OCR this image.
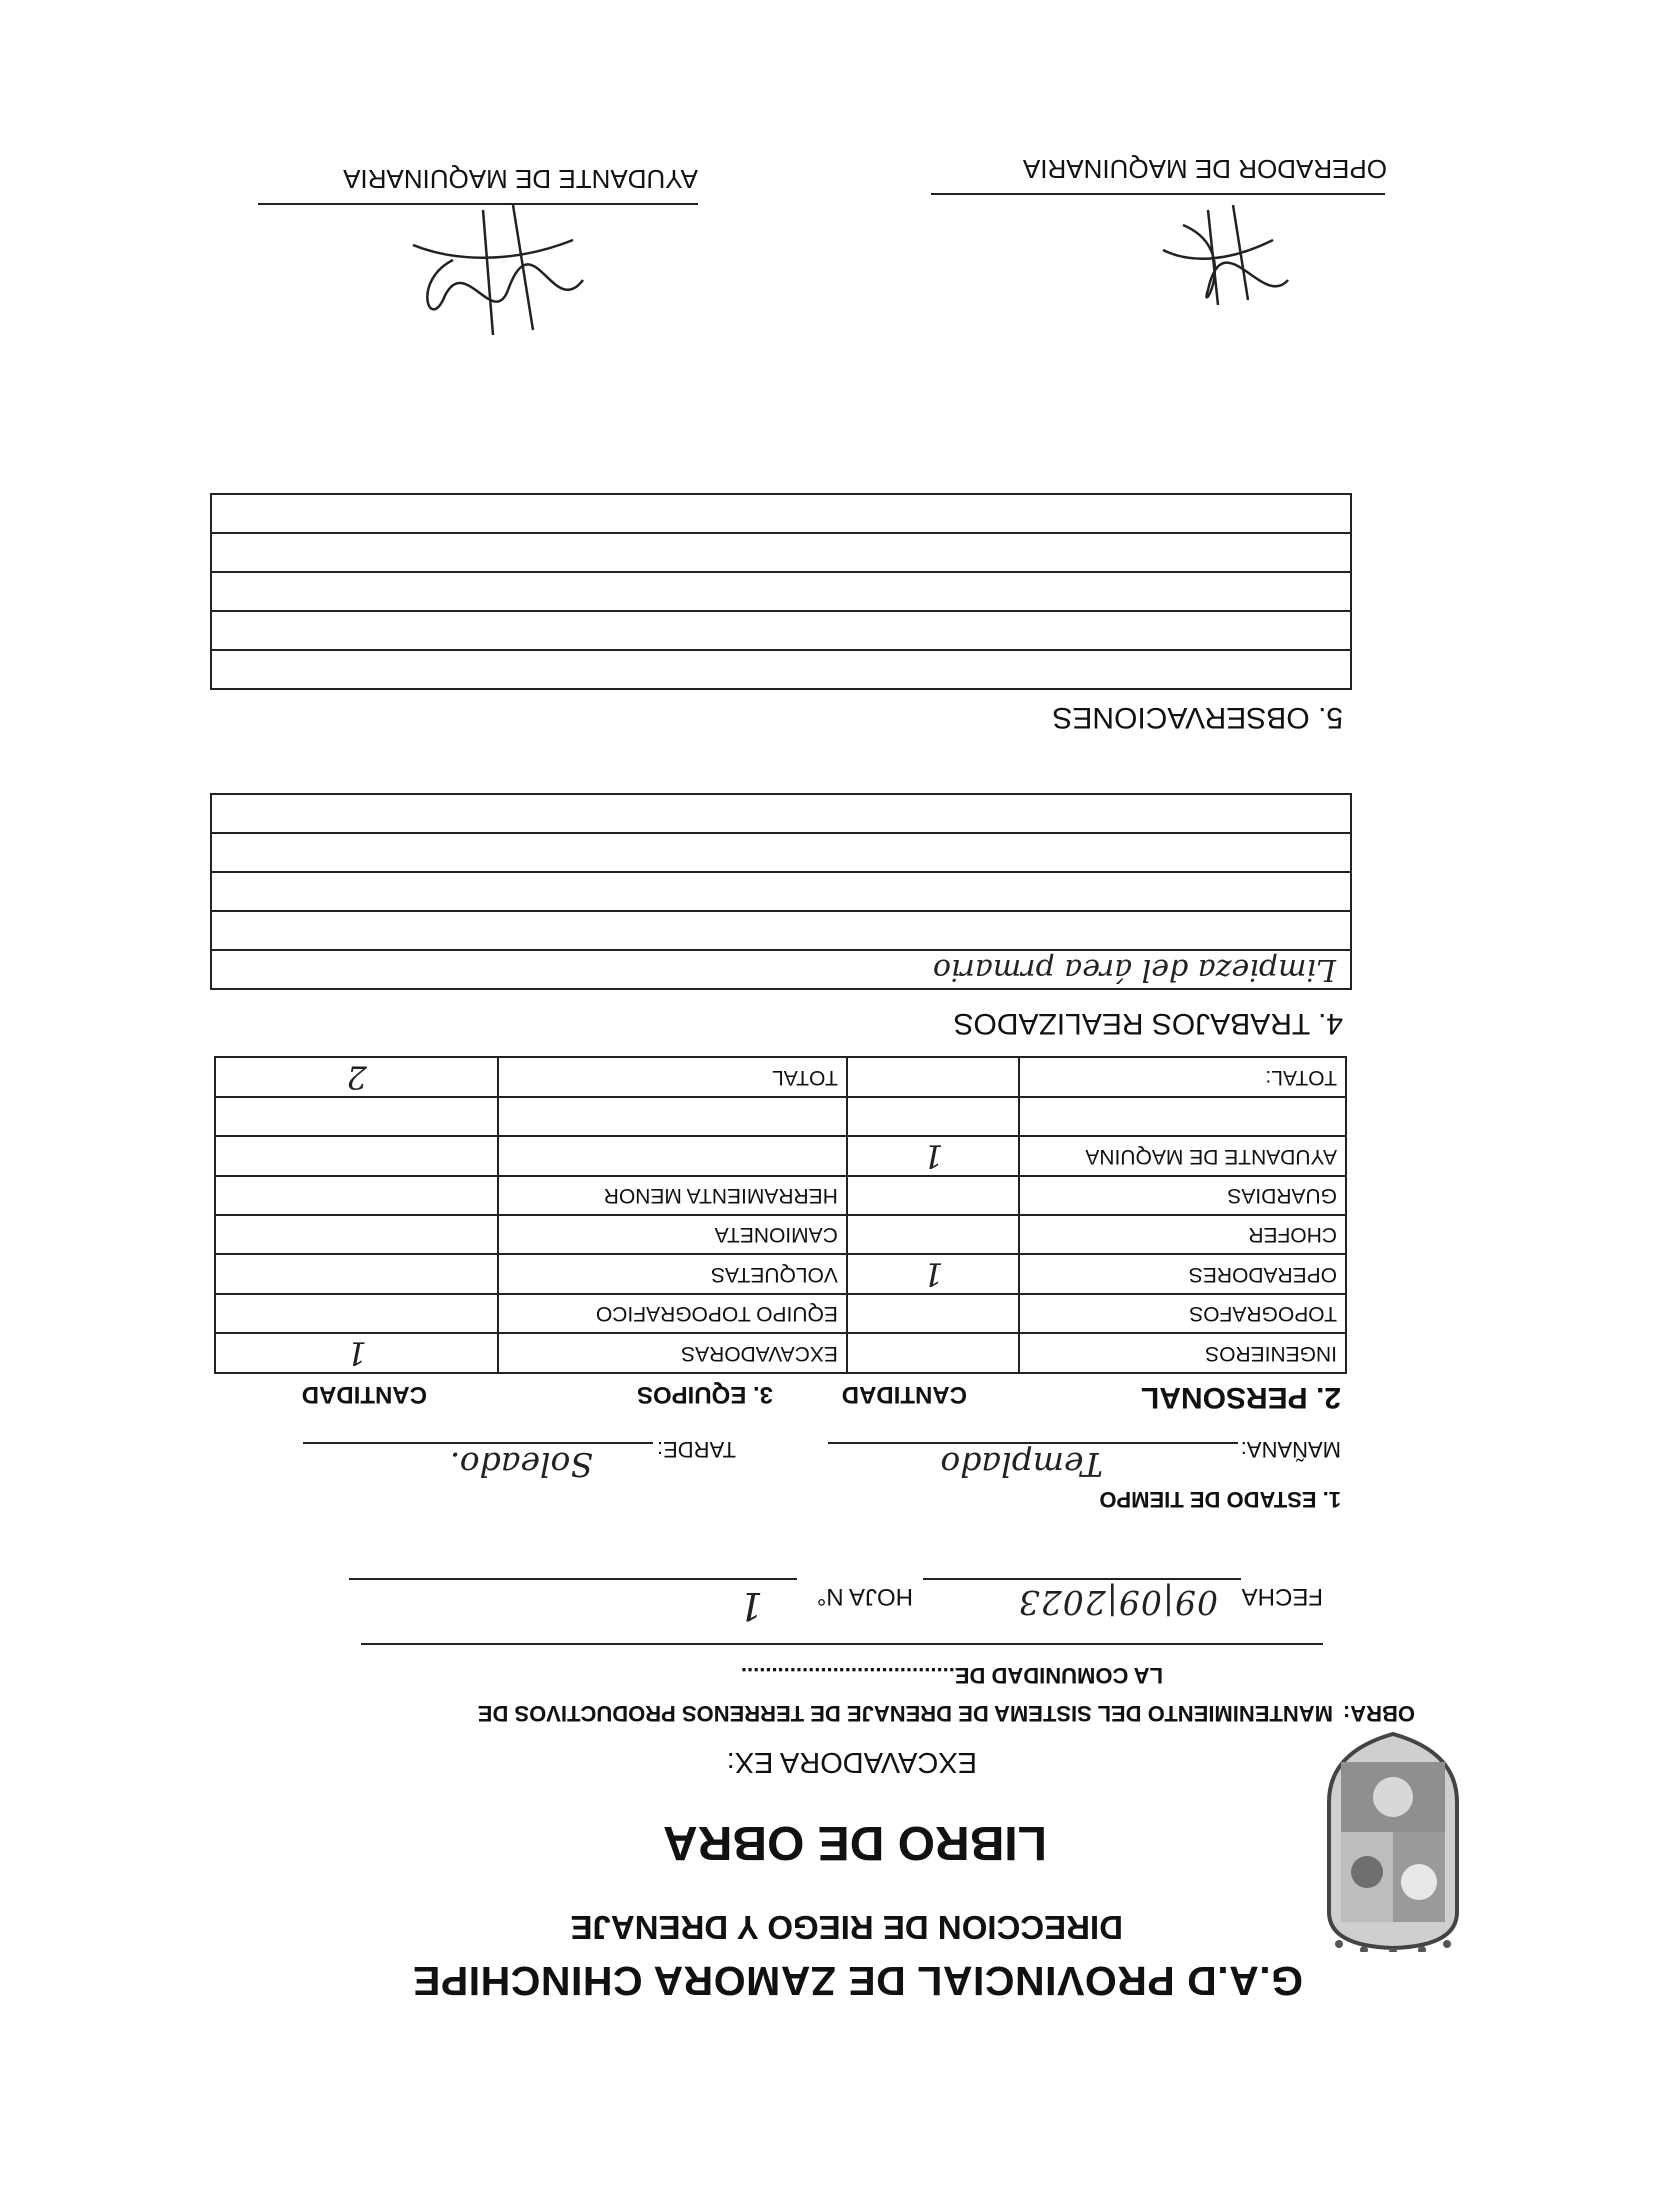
G.A.D PROVINCIAL DE ZAMORA CHINCHIPE
DIRECCION DE RIEGO Y DRENAJE
LIBRO DE OBRA
EXCAVADORA EX:
OBRA:
MANTENIMIENTO DEL SISTEMA DE DRENAJE DE TERRENOS PRODUCTIVOS DE
LA COMUNIDAD DE...................................
FECHA
09|09|2023
HOJA N°
1
1. ESTADO DE TIEMPO
MAÑANA:
Templado
TARDE:
Soleado.
2. PERSONAL
CANTIDAD
3. EQUIPOS
CANTIDAD
INGENIEROS		EXCAVADORAS	1
TOPOGRAFOS		EQUIPO TOPOGRAFICO	
OPERADORES	1	VOLQUETAS	
CHOFER		CAMIONETA	
GUARDIAS		HERRAMIENTA MENOR	
AYUDANTE DE MAQUINA	1		

TOTAL:		TOTAL	2
4. TRABAJOS REALIZADOS
Limpieza del área prmario
5. OBSERVACIONES
OPERADOR DE MAQUINARIA
AYUDANTE DE MAQUINARIA
